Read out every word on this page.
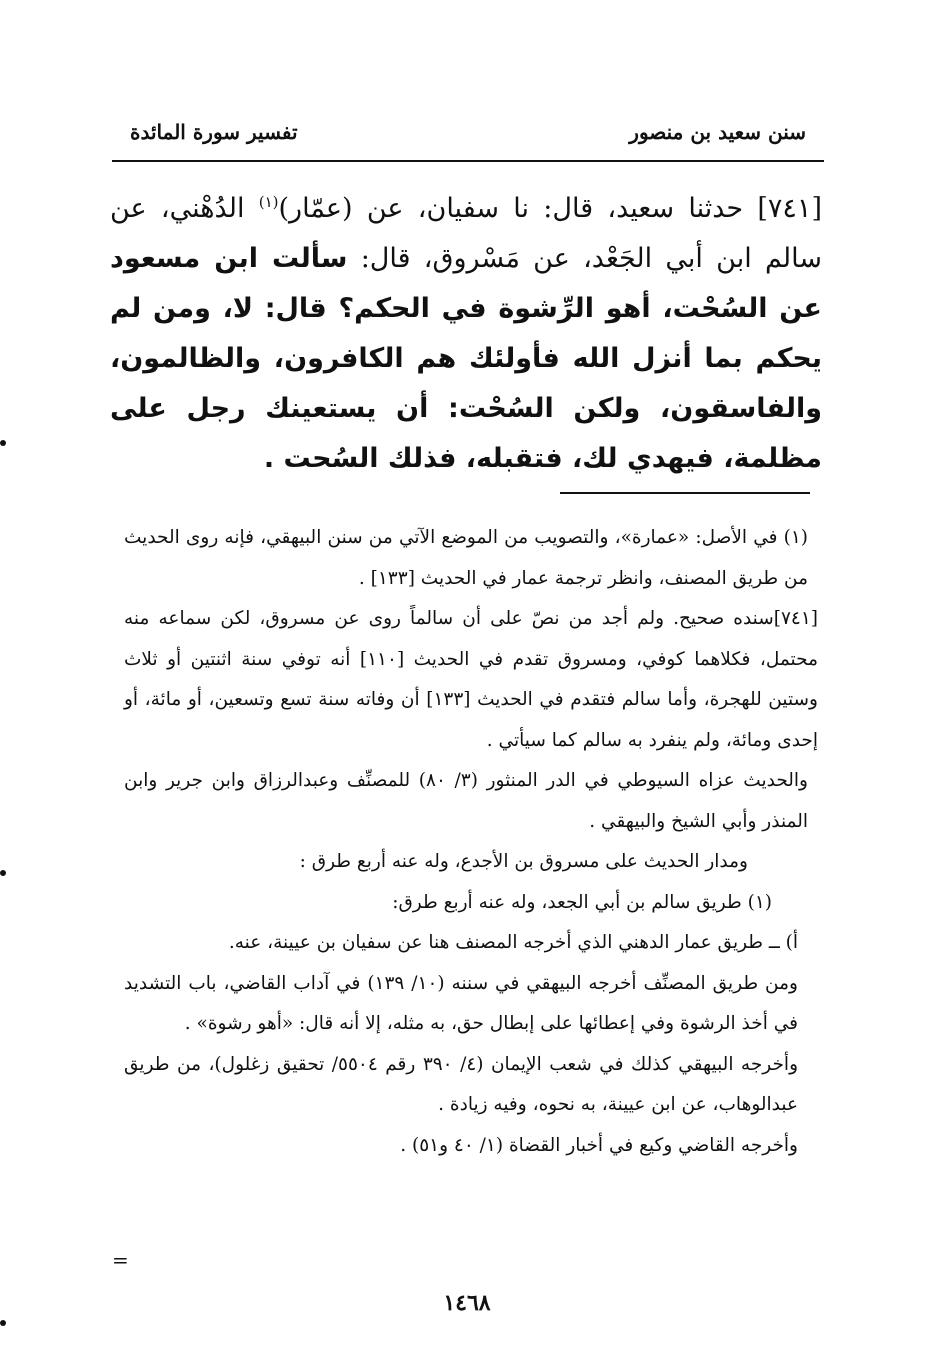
سنن سعيد بن منصور
تفسير سورة المائدة
[٧٤١] حدثنا سعيد، قال: نا سفيان، عن (عمّار)$^{(١)}$ الدُهْني، عن سالم ابن أبي الجَعْد، عن مَسْروق، قال: سألت ابن مسعود عن السُحْت، أهو الرِّشوة في الحكم؟ قال: لا، ومن لم يحكم بما أنزل الله فأولئك هم الكافرون، والظالمون، والفاسقون، ولكن السُحْت: أن يستعينك رجل على مظلمة، فيهدي لك، فتقبله، فذلك السُحت .

(١) في الأصل: «عمارة»، والتصويب من الموضع الآتي من سنن البيهقي، فإنه روى الحديث من طريق المصنف، وانظر ترجمة عمار في الحديث [١٣٣] .

[٧٤١]سنده صحيح. ولم أجد من نصّ على أن سالماً روى عن مسروق، لكن سماعه منه محتمل، فكلاهما كوفي، ومسروق تقدم في الحديث [١١٠] أنه توفي سنة اثنتين أو ثلاث وستين للهجرة، وأما سالم فتقدم في الحديث [١٣٣] أن وفاته سنة تسع وتسعين، أو مائة، أو إحدى ومائة، ولم ينفرد به سالم كما سيأتي .

والحديث عزاه السيوطي في الدر المنثور (٣/ ٨٠) للمصنِّف وعبدالرزاق وابن جرير وابن المنذر وأبي الشيخ والبيهقي .

ومدار الحديث على مسروق بن الأجدع، وله عنه أربع طرق :

(١) طريق سالم بن أبي الجعد، وله عنه أربع طرق:

أ) ــ طريق عمار الدهني الذي أخرجه المصنف هنا عن سفيان بن عيينة، عنه.

ومن طريق المصنِّف أخرجه البيهقي في سننه (١٠/ ١٣٩) في آداب القاضي، باب التشديد في أخذ الرشوة وفي إعطائها على إبطال حق، به مثله، إلا أنه قال: «أهو رشوة» .

وأخرجه البيهقي كذلك في شعب الإيمان (٤/ ٣٩٠ رقم ٥٥٠٤/ تحقيق زغلول)، من طريق عبدالوهاب، عن ابن عيينة، به نحوه، وفيه زيادة .

وأخرجه القاضي وكيع في أخبار القضاة (١/ ٤٠ و٥١) .

=
١٤٦٨
